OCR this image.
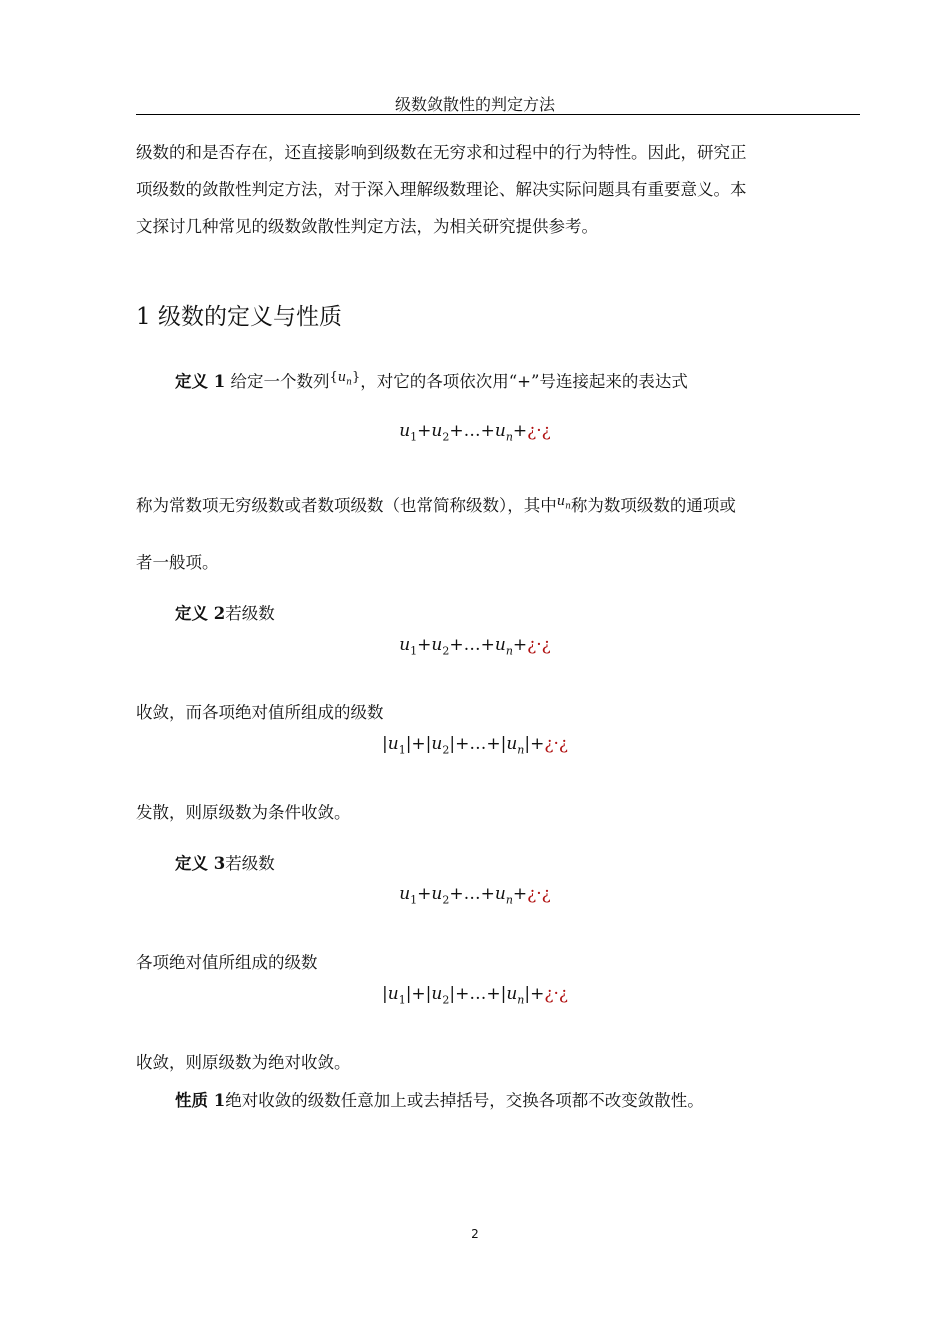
级数敛散性的判定方法
级数的和是否存在，还直接影响到级数在无穷求和过程中的行为特性。因此，研究正
项级数的敛散性判定方法，对于深入理解级数理论、解决实际问题具有重要意义。本
文探讨几种常见的级数敛散性判定方法，为相关研究提供参考。
1 级数的定义与性质
定义 1 给定一个数列$\{u_n\}$，对它的各项依次用“+”号连接起来的表达式
$u_1+u_2+\dots+u_n+¿\cdot¿$
称为常数项无穷级数或者数项级数（也常简称级数），其中$u_n$称为数项级数的通项或
者一般项。
定义 2若级数
$u_1+u_2+\dots+u_n+¿\cdot¿$
收敛，而各项绝对值所组成的级数
$|u_1|+|u_2|+\dots+|u_n|+¿\cdot¿$
发散，则原级数为条件收敛。
定义 3若级数
$u_1+u_2+\dots+u_n+¿\cdot¿$
各项绝对值所组成的级数
$|u_1|+|u_2|+\dots+|u_n|+¿\cdot¿$
收敛，则原级数为绝对收敛。
性质 1绝对收敛的级数任意加上或去掉括号，交换各项都不改变敛散性。
2
